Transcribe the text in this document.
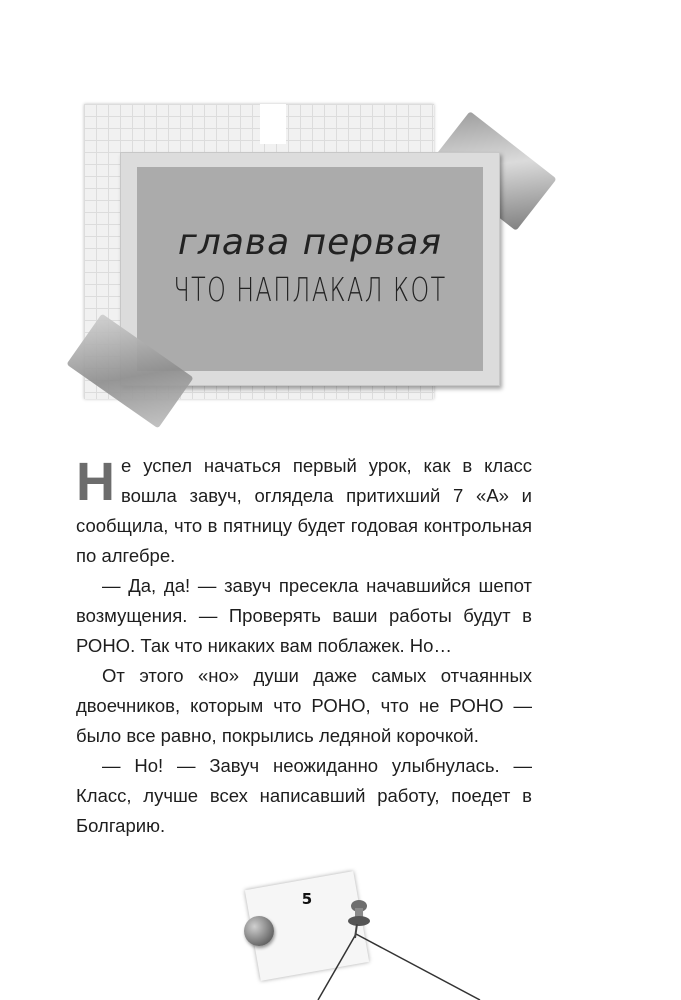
глава первая
ЧТО НАПЛАКАЛ КОТ

Не успел начаться первый урок, как в класс вошла завуч, оглядела притихший 7 «А» и сообщила, что в пятницу будет годовая контрольная по алгебре.

— Да, да! — завуч пресекла начавшийся шепот возмущения. — Проверять ваши работы будут в РОНО. Так что никаких вам поблажек. Но…

От этого «но» души даже самых отчаянных двоечников, которым что РОНО, что не РОНО — было все равно, покрылись ледяной корочкой.

— Но! — Завуч неожиданно улыбнулась. — Класс, лучше всех написавший работу, поедет в Болгарию.

5
